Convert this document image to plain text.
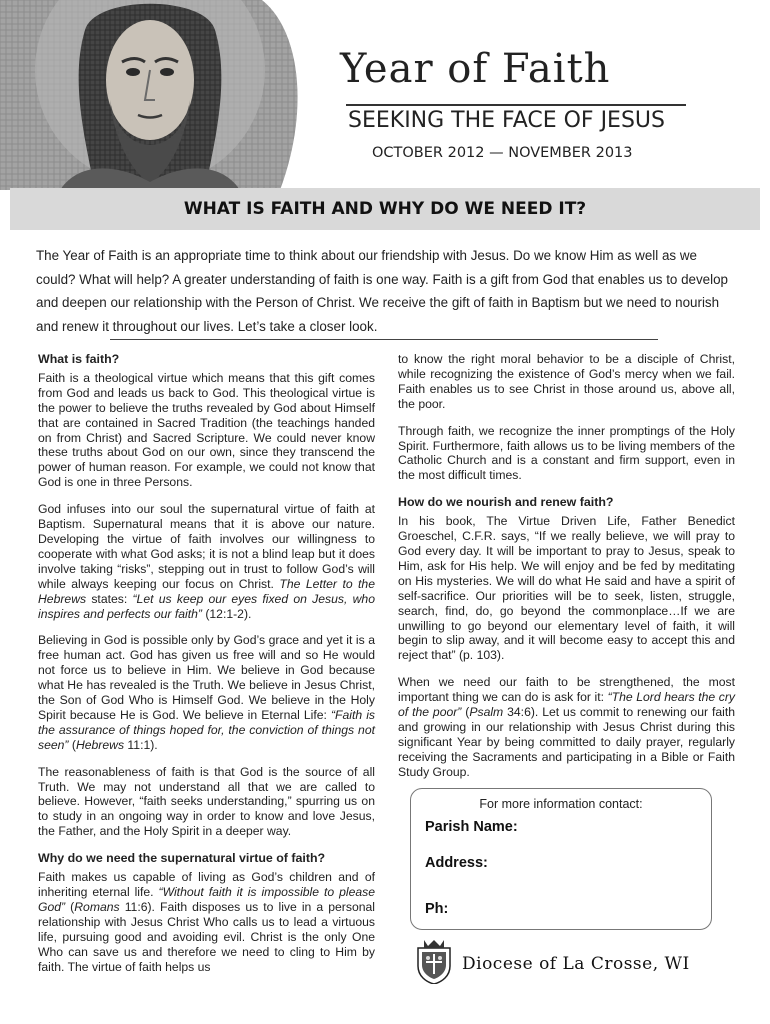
Year of Faith
SEEKING THE FACE OF JESUS
OCTOBER 2012 — NOVEMBER 2013
WHAT IS FAITH AND WHY DO WE NEED IT?
The Year of Faith is an appropriate time to think about our friendship with Jesus. Do we know Him as well as we could? What will help? A greater understanding of faith is one way. Faith is a gift from God that enables us to develop and deepen our relationship with the Person of Christ. We receive the gift of faith in Baptism but we need to nourish and renew it throughout our lives. Let’s take a closer look.
What is faith?

Faith is a theological virtue which means that this gift comes from God and leads us back to God. This theological virtue is the power to believe the truths revealed by God about Himself that are contained in Sacred Tradition (the teachings handed on from Christ) and Sacred Scripture. We could never know these truths about God on our own, since they transcend the power of human reason. For example, we could not know that God is one in three Persons.

God infuses into our soul the supernatural virtue of faith at Baptism. Supernatural means that it is above our nature. Developing the virtue of faith involves our willingness to cooperate with what God asks; it is not a blind leap but it does involve taking “risks”, stepping out in trust to follow God’s will while always keeping our focus on Christ. The Letter to the Hebrews states: “Let us keep our eyes fixed on Jesus, who inspires and perfects our faith” (12:1-2).

Believing in God is possible only by God’s grace and yet it is a free human act. God has given us free will and so He would not force us to believe in Him. We believe in God because what He has revealed is the Truth. We believe in Jesus Christ, the Son of God Who is Himself God. We believe in the Holy Spirit because He is God. We believe in Eternal Life: “Faith is the assurance of things hoped for, the conviction of things not seen” (Hebrews 11:1).

The reasonableness of faith is that God is the source of all Truth. We may not understand all that we are called to believe. However, “faith seeks understanding,” spurring us on to study in an ongoing way in order to know and love Jesus, the Father, and the Holy Spirit in a deeper way.

Why do we need the supernatural virtue of faith?

Faith makes us capable of living as God’s children and of inheriting eternal life. “Without faith it is impossible to please God” (Romans 11:6). Faith disposes us to live in a personal relationship with Jesus Christ Who calls us to lead a virtuous life, pursuing good and avoiding evil. Christ is the only One Who can save us and therefore we need to cling to Him by faith. The virtue of faith helps us

to know the right moral behavior to be a disciple of Christ, while recognizing the existence of God’s mercy when we fail. Faith enables us to see Christ in those around us, above all, the poor.

Through faith, we recognize the inner promptings of the Holy Spirit. Furthermore, faith allows us to be living members of the Catholic Church and is a constant and firm support, even in the most difficult times.

How do we nourish and renew faith?

In his book, The Virtue Driven Life, Father Benedict Groeschel, C.F.R. says, “If we really believe, we will pray to God every day. It will be important to pray to Jesus, speak to Him, ask for His help. We will enjoy and be fed by meditating on His mysteries. We will do what He said and have a spirit of self-sacrifice. Our priorities will be to seek, listen, struggle, search, find, do, go beyond the commonplace…If we are unwilling to go beyond our elementary level of faith, it will begin to slip away, and it will become easy to accept this and reject that” (p. 103).

When we need our faith to be strengthened, the most important thing we can do is ask for it: “The Lord hears the cry of the poor” (Psalm 34:6). Let us commit to renewing our faith and growing in our relationship with Jesus Christ during this significant Year by being committed to daily prayer, regularly receiving the Sacraments and participating in a Bible or Faith Study Group.

For more information contact:
Parish Name:
Address:
Ph:
Diocese of La Crosse, WI
